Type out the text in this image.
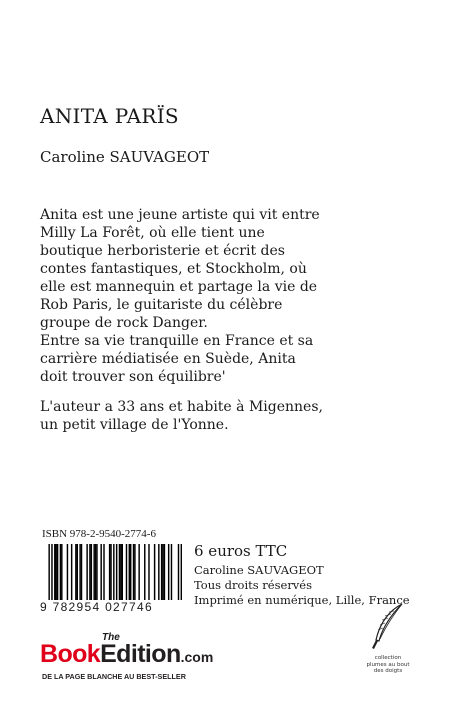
ANITA PARÏS
Caroline SAUVAGEOT

Anita est une jeune artiste qui vit entre
Milly La Forêt, où elle tient une
boutique herboristerie et écrit des
contes fantastiques, et Stockholm, où
elle est mannequin et partage la vie de
Rob Paris, le guitariste du célèbre
groupe de rock Danger.
Entre sa vie tranquille en France et sa
carrière médiatisée en Suède, Anita
doit trouver son équilibre'

L'auteur a 33 ans et habite à Migennes,
un petit village de l'Yonne.

ISBN 978-2-9540-2774-6
9 782954 027746
6 euros TTC
Caroline SAUVAGEOT
Tous droits réservés
Imprimé en numérique, Lille, France
The
BookEdition.com
DE LA PAGE BLANCHE AU BEST-SELLER
collection plumes au bout des doigts
